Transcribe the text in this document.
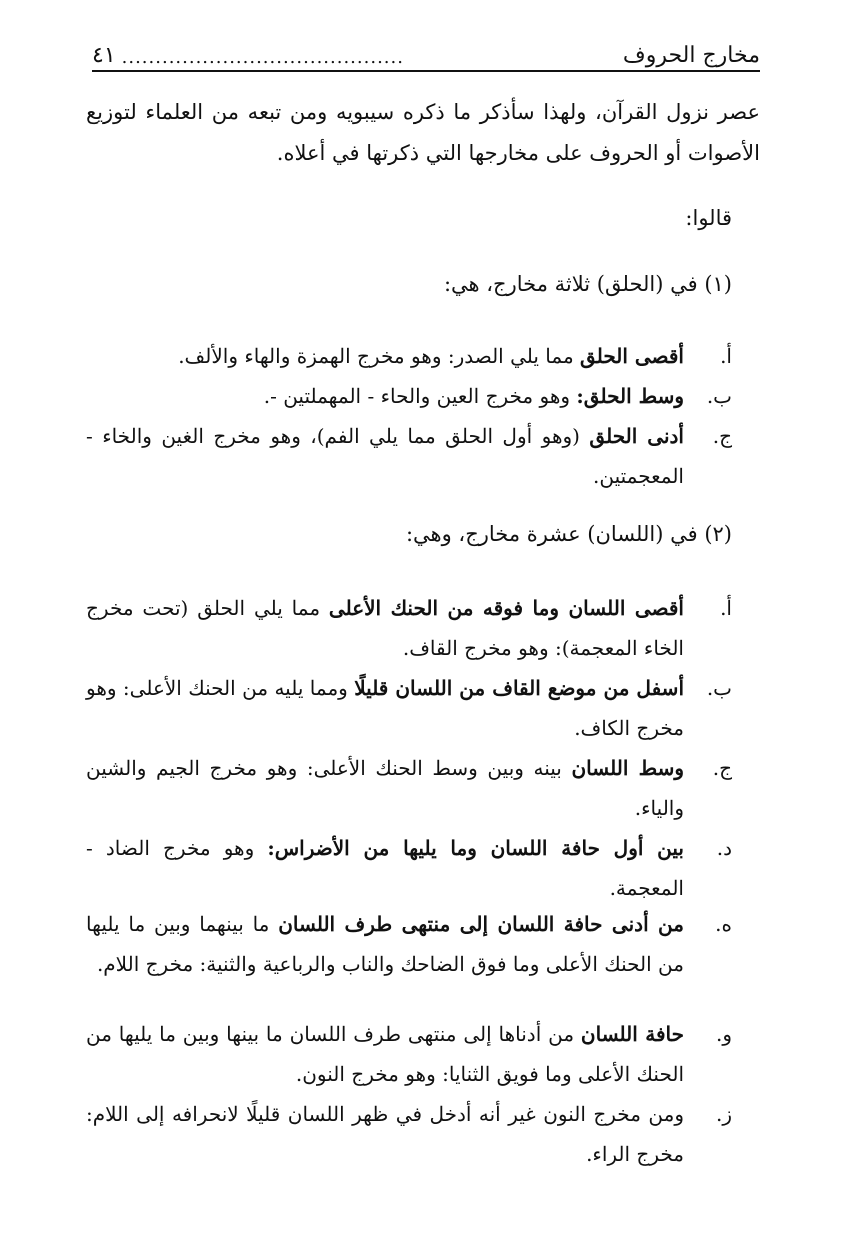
مخارج الحروف
..........................................
٤١
عصر نزول القرآن، ولهذا سأذكر ما ذكره سيبويه ومن تبعه من العلماء لتوزيع الأصوات أو الحروف على مخارجها التي ذكرتها في أعلاه.
قالوا:
(١) في (الحلق) ثلاثة مخارج، هي:
أ.
أقصى الحلق مما يلي الصدر: وهو مخرج الهمزة والهاء والألف.
ب.
وسط الحلق: وهو مخرج العين والحاء - المهملتين -.
ج.
أدنى الحلق (وهو أول الحلق مما يلي الفم)، وهو مخرج الغين والخاء - المعجمتين.
(٢) في (اللسان) عشرة مخارج، وهي:
أ.
أقصى اللسان وما فوقه من الحنك الأعلى مما يلي الحلق (تحت مخرج الخاء المعجمة): وهو مخرج القاف.
ب.
أسفل من موضع القاف من اللسان قليلًا ومما يليه من الحنك الأعلى: وهو مخرج الكاف.
ج.
وسط اللسان بينه وبين وسط الحنك الأعلى: وهو مخرج الجيم والشين والياء.
د.
بين أول حافة اللسان وما يليها من الأضراس: وهو مخرج الضاد - المعجمة.
ه.
من أدنى حافة اللسان إلى منتهى طرف اللسان ما بينهما وبين ما يليها من الحنك الأعلى وما فوق الضاحك والناب والرباعية والثنية: مخرج اللام.
و.
حافة اللسان من أدناها إلى منتهى طرف اللسان ما بينها وبين ما يليها من الحنك الأعلى وما فويق الثنايا: وهو مخرج النون.
ز.
ومن مخرج النون غير أنه أدخل في ظهر اللسان قليلًا لانحرافه إلى اللام: مخرج الراء.
